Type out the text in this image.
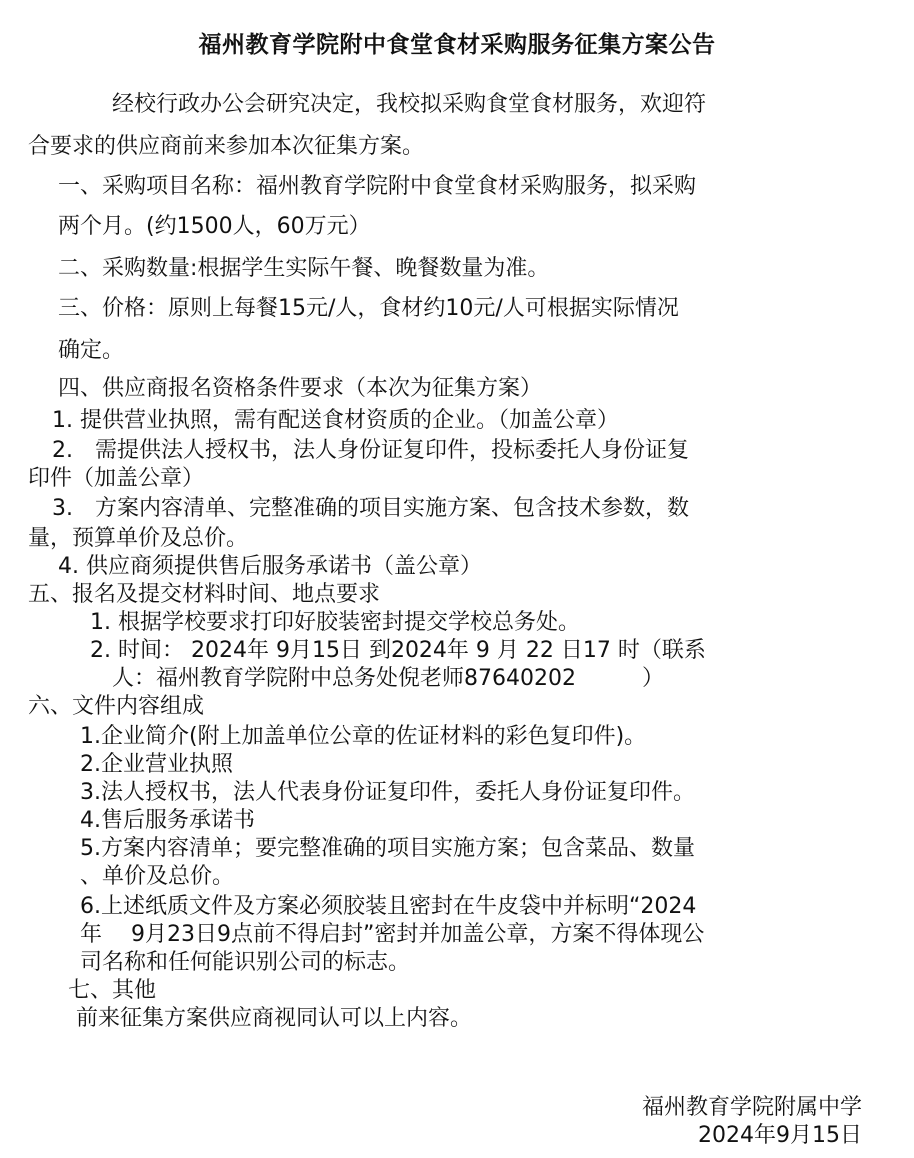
福州教育学院附中食堂食材采购服务征集方案公告
经校行政办公会研究决定，我校拟采购食堂食材服务，欢迎符
合要求的供应商前来参加本次征集方案。
一、采购项目名称：福州教育学院附中食堂食材采购服务，拟采购
两个月。(约1500人，60万元）
二、采购数量:根据学生实际午餐、晚餐数量为准。
三、价格：原则上每餐15元/人，食材约10元/人可根据实际情况
确定。
四、供应商报名资格条件要求（本次为征集方案）
1. 提供营业执照，需有配送食材资质的企业。（加盖公章）
2.　需提供法人授权书，法人身份证复印件，投标委托人身份证复
印件（加盖公章）
3.　方案内容清单、完整准确的项目实施方案、包含技术参数，数
量，预算单价及总价。
4. 供应商须提供售后服务承诺书（盖公章）
五、报名及提交材料时间、地点要求
1. 根据学校要求打印好胶装密封提交学校总务处。
2. 时间： 2024年 9月15日 到2024年 9 月 22 日17 时（联系
人：福州教育学院附中总务处倪老师87640202　　　）
六、文件内容组成
1.企业简介(附上加盖单位公章的佐证材料的彩色复印件)。
2.企业营业执照
3.法人授权书，法人代表身份证复印件，委托人身份证复印件。
4.售后服务承诺书
5.方案内容清单；要完整准确的项目实施方案；包含菜品、数量
、单价及总价。
6.上述纸质文件及方案必须胶装且密封在牛皮袋中并标明“2024
年　 9月23日9点前不得启封”密封并加盖公章，方案不得体现公
司名称和任何能识别公司的标志。
七、其他
前来征集方案供应商视同认可以上内容。
福州教育学院附属中学
2024年9月15日
